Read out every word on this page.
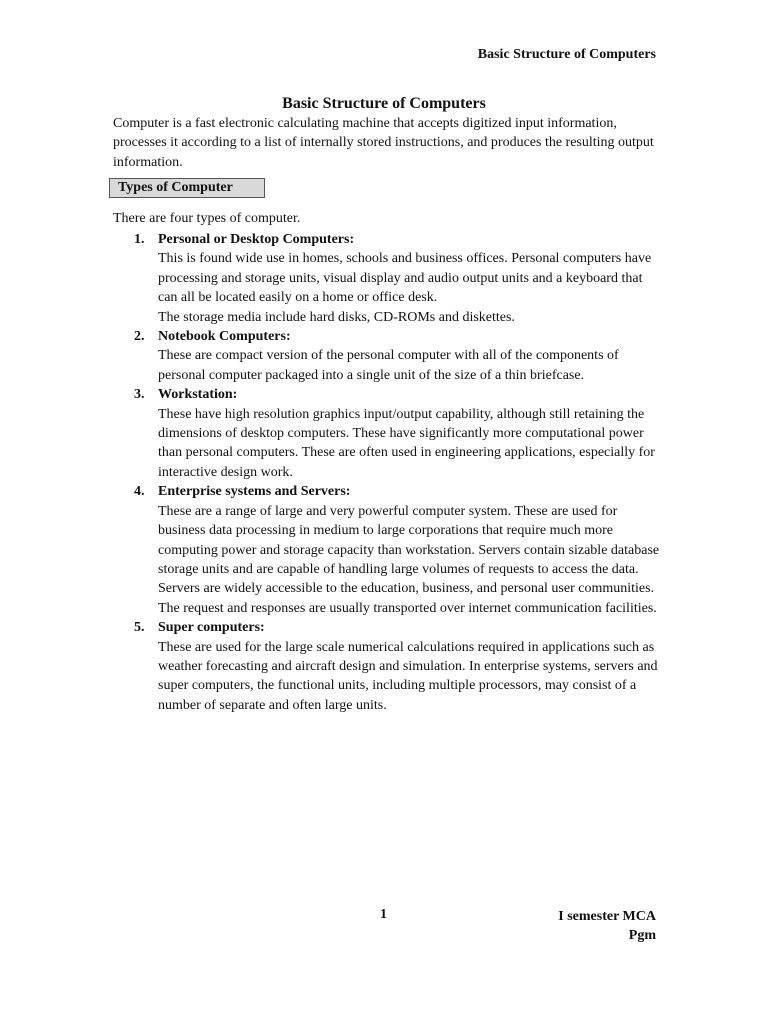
Basic Structure of Computers
Basic Structure of Computers
Computer is a fast electronic calculating machine that accepts digitized input information, processes it according to a list of internally stored instructions, and produces the resulting output information.
Types of Computer
There are four types of computer.
1. Personal or Desktop Computers:

This is found wide use in homes, schools and business offices. Personal computers have processing and storage units, visual display and audio output units and a keyboard that can all be located easily on a home or office desk.

The storage media include hard disks, CD-ROMs and diskettes.

2. Notebook Computers:

These are compact version of the personal computer with all of the components of personal computer packaged into a single unit of the size of a thin briefcase.

3. Workstation:

These have high resolution graphics input/output capability, although still retaining the dimensions of desktop computers. These have significantly more computational power than personal computers. These are often used in engineering applications, especially for interactive design work.

4. Enterprise systems and Servers:

These are a range of large and very powerful computer system. These are used for business data processing in medium to large corporations that require much more computing power and storage capacity than workstation. Servers contain sizable database storage units and are capable of handling large volumes of requests to access the data. Servers are widely accessible to the education, business, and personal user communities. The request and responses are usually transported over internet communication facilities.

5. Super computers:

These are used for the large scale numerical calculations required in applications such as weather forecasting and aircraft design and simulation. In enterprise systems, servers and super computers, the functional units, including multiple processors, may consist of a number of separate and often large units.

1	I semester MCA
Pgm
